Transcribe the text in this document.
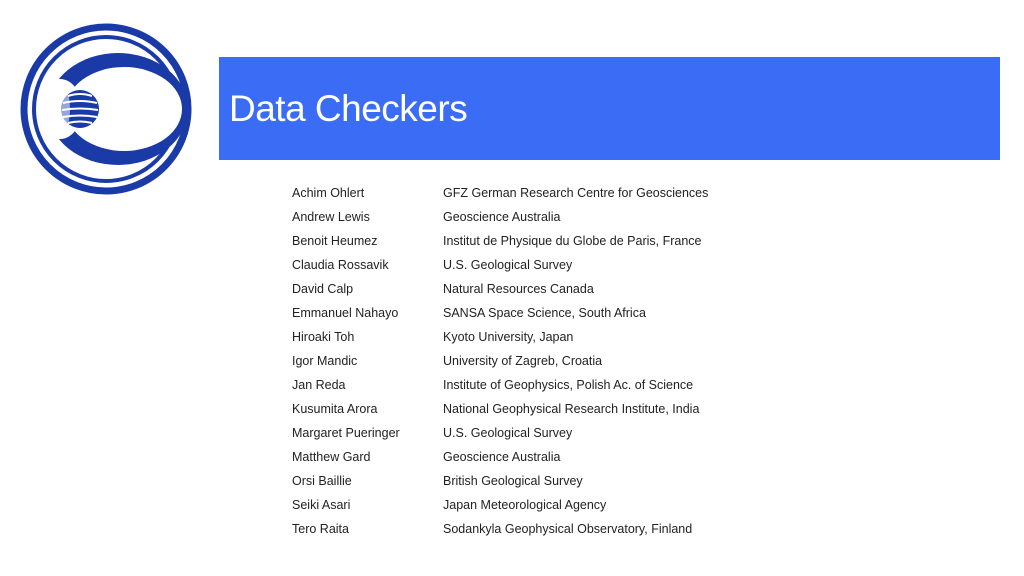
Data Checkers
Achim Ohlert	GFZ German Research Centre for Geosciences
Andrew Lewis	Geoscience Australia
Benoit Heumez	Institut de Physique du Globe de Paris, France
Claudia Rossavik	U.S. Geological Survey
David Calp	Natural Resources Canada
Emmanuel Nahayo	SANSA Space Science, South Africa
Hiroaki Toh	Kyoto University, Japan
Igor Mandic	University of Zagreb, Croatia
Jan Reda	Institute of Geophysics, Polish Ac. of Science
Kusumita Arora	National Geophysical Research Institute, India
Margaret Pueringer	U.S. Geological Survey
Matthew Gard	Geoscience Australia
Orsi Baillie	British Geological Survey
Seiki Asari	Japan Meteorological Agency
Tero Raita	Sodankyla Geophysical Observatory, Finland
